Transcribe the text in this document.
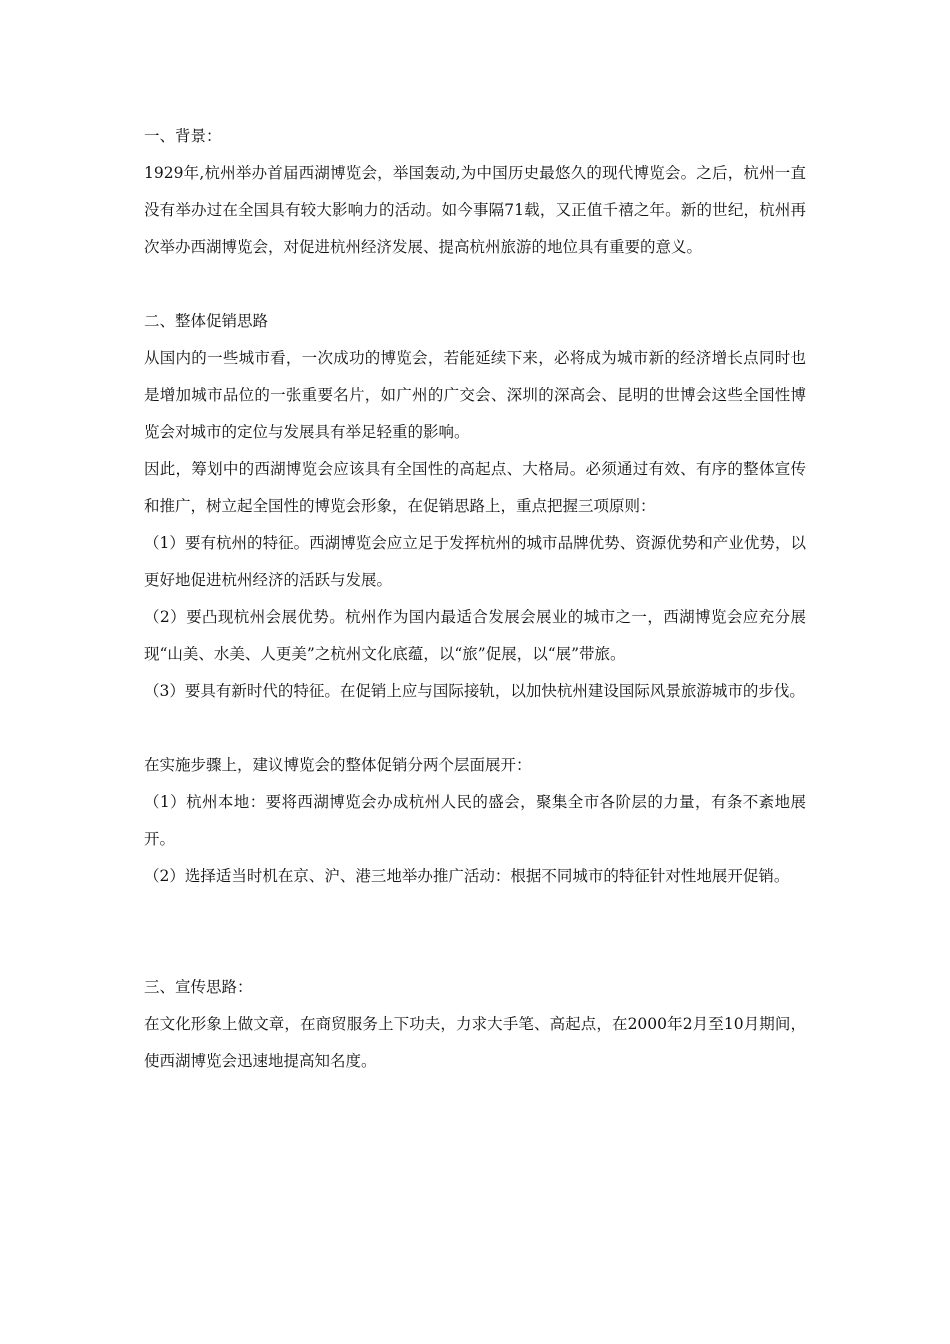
一、背景：

1929年,杭州举办首届西湖博览会，举国轰动,为中国历史最悠久的现代博览会。之后，杭州一直没有举办过在全国具有较大影响力的活动。如今事隔71载，又正值千禧之年。新的世纪，杭州再次举办西湖博览会，对促进杭州经济发展、提高杭州旅游的地位具有重要的意义。

二、整体促销思路

从国内的一些城市看，一次成功的博览会，若能延续下来，必将成为城市新的经济增长点同时也是增加城市品位的一张重要名片，如广州的广交会、深圳的深高会、昆明的世博会这些全国性博览会对城市的定位与发展具有举足轻重的影响。

因此，筹划中的西湖博览会应该具有全国性的高起点、大格局。必须通过有效、有序的整体宣传和推广，树立起全国性的博览会形象，在促销思路上，重点把握三项原则：

（1）要有杭州的特征。西湖博览会应立足于发挥杭州的城市品牌优势、资源优势和产业优势，以更好地促进杭州经济的活跃与发展。

（2）要凸现杭州会展优势。杭州作为国内最适合发展会展业的城市之一，西湖博览会应充分展现“山美、水美、人更美”之杭州文化底蕴，以“旅”促展，以“展”带旅。

（3）要具有新时代的特征。在促销上应与国际接轨，以加快杭州建设国际风景旅游城市的步伐。

在实施步骤上，建议博览会的整体促销分两个层面展开：

（1）杭州本地：要将西湖博览会办成杭州人民的盛会，聚集全市各阶层的力量，有条不紊地展开。

（2）选择适当时机在京、沪、港三地举办推广活动：根据不同城市的特征针对性地展开促销。

三、宣传思路：

在文化形象上做文章，在商贸服务上下功夫，力求大手笔、高起点，在2000年2月至10月期间，使西湖博览会迅速地提高知名度。
